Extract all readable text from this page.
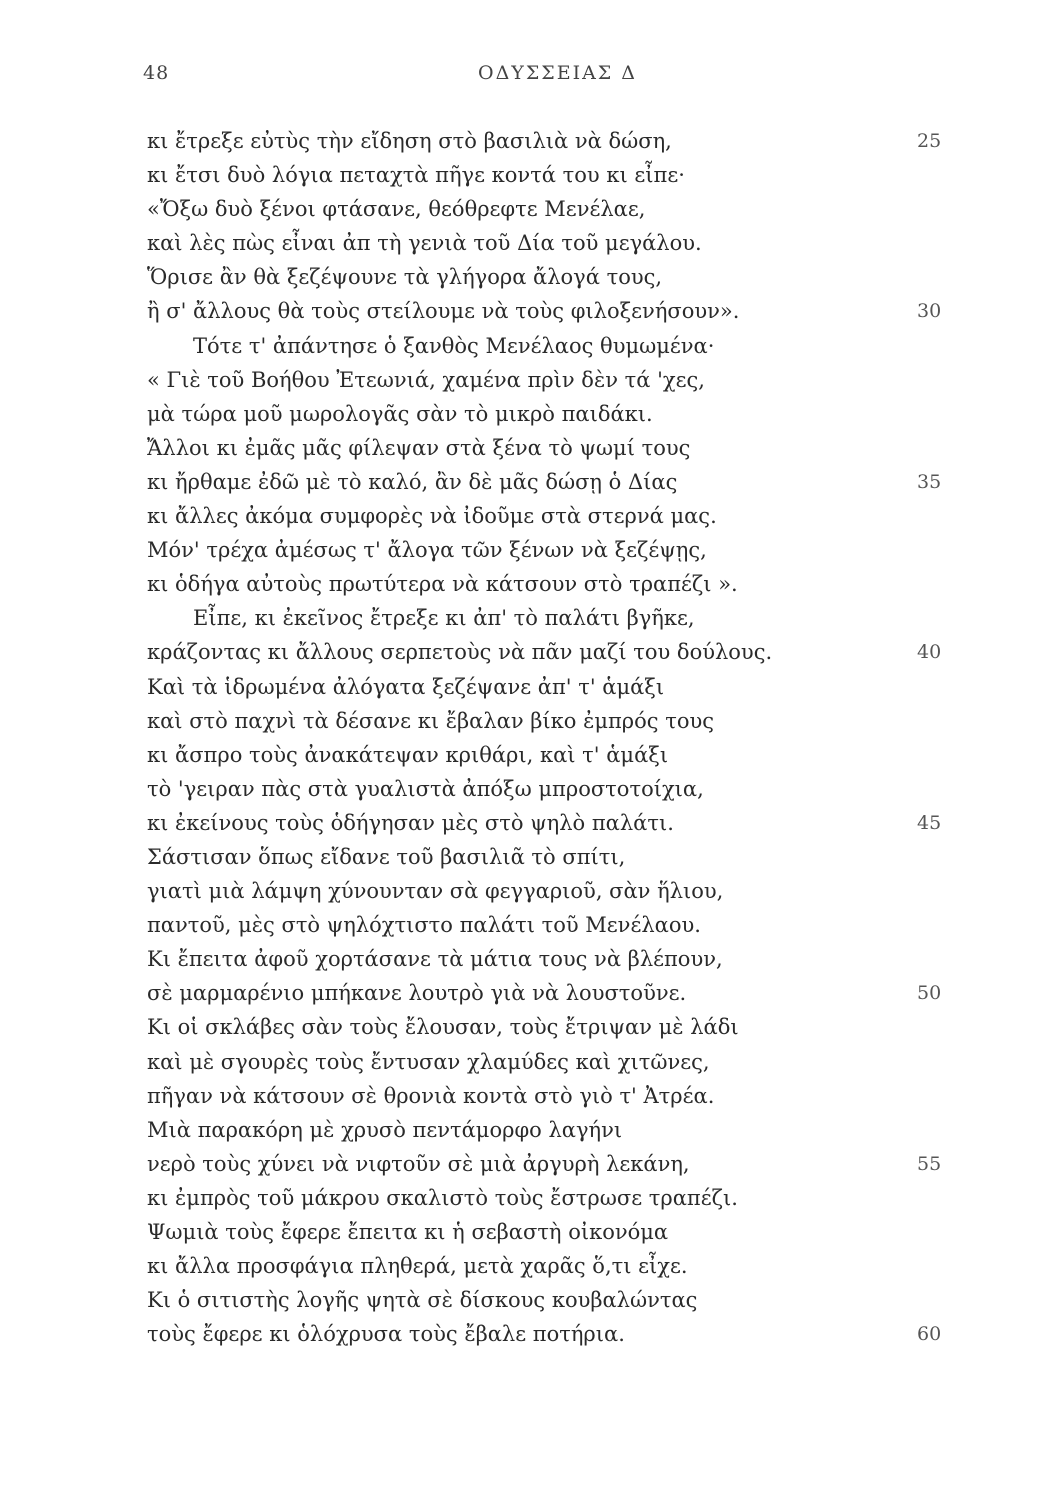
48	ΟΔΥΣΣΕΙΑΣ Δ
κι ἔτρεξε εὐτὺς τὴν εἴδηση στὸ βασιλιὰ νὰ δώση,	25
κι ἔτσι δυὸ λόγια πεταχτὰ πῆγε κοντά του κι εἶπε·
«Ὄξω δυὸ ξένοι φτάσανε, θεόθρεφτε Μενέλαε,
καὶ λὲς πὼς εἶναι ἀπ τὴ γενιὰ τοῦ Δία τοῦ μεγάλου.
Ὅρισε ἂν θὰ ξεζέψουνε τὰ γλήγορα ἄλογά τους,
ἢ σ' ἄλλους θὰ τοὺς στείλουμε νὰ τοὺς φιλοξενήσουν».	30
Τότε τ' ἀπάντησε ὁ ξανθὸς Μενέλαος θυμωμένα·
« Γιὲ τοῦ Βοήθου Ἐτεωνιά, χαμένα πρὶν δὲν τά 'χες,
μὰ τώρα μοῦ μωρολογᾶς σὰν τὸ μικρὸ παιδάκι.
Ἄλλοι κι ἐμᾶς μᾶς φίλεψαν στὰ ξένα τὸ ψωμί τους
κι ἤρθαμε ἐδῶ μὲ τὸ καλό, ἂν δὲ μᾶς δώσῃ ὁ Δίας	35
κι ἄλλες ἀκόμα συμφορὲς νὰ ἰδοῦμε στὰ στερνά μας.
Μόν' τρέχα ἀμέσως τ' ἄλογα τῶν ξένων νὰ ξεζέψῃς,
κι ὁδήγα αὐτοὺς πρωτύτερα νὰ κάτσουν στὸ τραπέζι ».
Εἶπε, κι ἐκεῖνος ἔτρεξε κι ἀπ' τὸ παλάτι βγῆκε,
κράζοντας κι ἄλλους σερπετοὺς νὰ πᾶν μαζί του δούλους.	40
Καὶ τὰ ἱδρωμένα ἀλόγατα ξεζέψανε ἀπ' τ' ἁμάξι
καὶ στὸ παχνὶ τὰ δέσανε κι ἔβαλαν βίκο ἐμπρός τους
κι ἄσπρο τοὺς ἀνακάτεψαν κριθάρι, καὶ τ' ἁμάξι
τὸ 'γειραν πὰς στὰ γυαλιστὰ ἀπόξω μπροστοτοίχια,
κι ἐκείνους τοὺς ὁδήγησαν μὲς στὸ ψηλὸ παλάτι.	45
Σάστισαν ὅπως εἴδανε τοῦ βασιλιᾶ τὸ σπίτι,
γιατὶ μιὰ λάμψη χύνουνταν σὰ φεγγαριοῦ, σὰν ἥλιου,
παντοῦ, μὲς στὸ ψηλόχτιστο παλάτι τοῦ Μενέλαου.
Κι ἔπειτα ἀφοῦ χορτάσανε τὰ μάτια τους νὰ βλέπουν,
σὲ μαρμαρένιο μπήκανε λουτρὸ γιὰ νὰ λουστοῦνε.	50
Κι οἱ σκλάβες σὰν τοὺς ἔλουσαν, τοὺς ἔτριψαν μὲ λάδι
καὶ μὲ σγουρὲς τοὺς ἔντυσαν χλαμύδες καὶ χιτῶνες,
πῆγαν νὰ κάτσουν σὲ θρονιὰ κοντὰ στὸ γιὸ τ' Ἀτρέα.
Μιὰ παρακόρη μὲ χρυσὸ πεντάμορφο λαγήνι
νερὸ τοὺς χύνει νὰ νιφτοῦν σὲ μιὰ ἀργυρὴ λεκάνη,	55
κι ἐμπρὸς τοῦ μάκρου σκαλιστὸ τοὺς ἔστρωσε τραπέζι.
Ψωμιὰ τοὺς ἔφερε ἔπειτα κι ἡ σεβαστὴ οἰκονόμα
κι ἄλλα προσφάγια πληθερά, μετὰ χαρᾶς ὅ,τι εἶχε.
Κι ὁ σιτιστὴς λογῆς ψητὰ σὲ δίσκους κουβαλώντας
τοὺς ἔφερε κι ὁλόχρυσα τοὺς ἔβαλε ποτήρια.	60
